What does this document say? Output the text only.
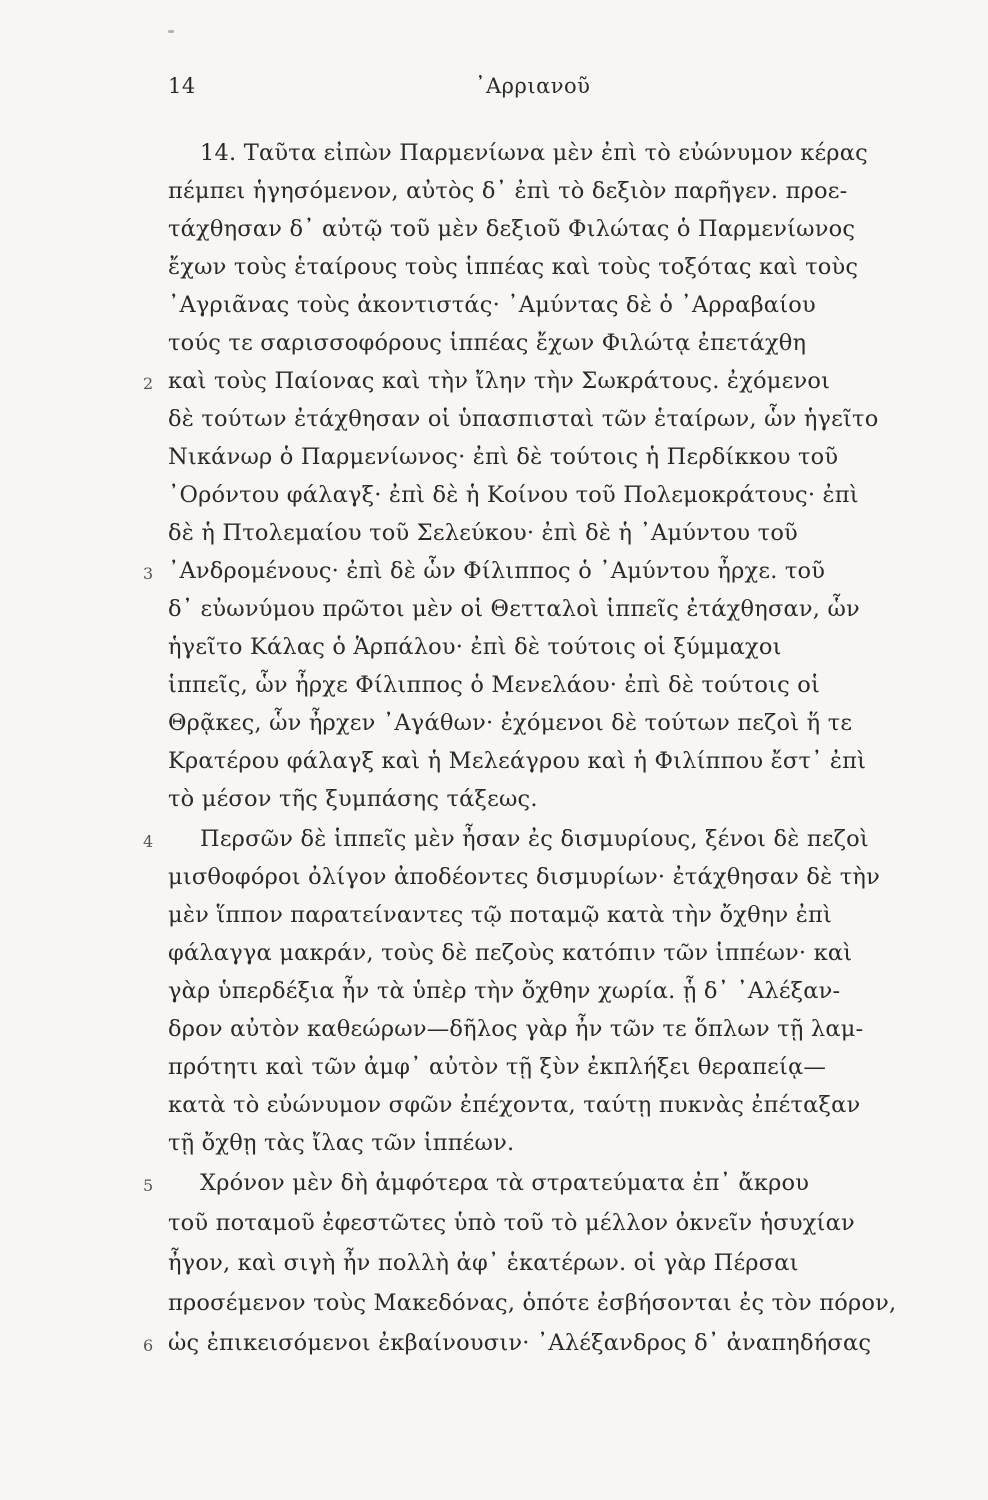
14	᾿Αρριανοῦ
14. Ταῦτα εἰπὼν Παρμενίωνα μὲν ἐπὶ τὸ εὐώνυμον κέρας
πέμπει ἡγησόμενον, αὐτὸς δ᾿ ἐπὶ τὸ δεξιὸν παρῆγεν. προε-
τάχθησαν δ᾿ αὐτῷ τοῦ μὲν δεξιοῦ Φιλώτας ὁ Παρμενίωνος
ἔχων τοὺς ἑταίρους τοὺς ἱππέας καὶ τοὺς τοξότας καὶ τοὺς
᾿Αγριᾶνας τοὺς ἀκοντιστάς· ᾿Αμύντας δὲ ὁ ᾿Αρραβαίου
τούς τε σαρισσοφόρους ἱππέας ἔχων Φιλώτᾳ ἐπετάχθη
2 καὶ τοὺς Παίονας καὶ τὴν ἴλην τὴν Σωκράτους. ἐχόμενοι
δὲ τούτων ἐτάχθησαν οἱ ὑπασπισταὶ τῶν ἑταίρων, ὧν ἡγεῖτο
Νικάνωρ ὁ Παρμενίωνος· ἐπὶ δὲ τούτοις ἡ Περδίκκου τοῦ
᾿Ορόντου φάλαγξ· ἐπὶ δὲ ἡ Κοίνου τοῦ Πολεμοκράτους· ἐπὶ
δὲ ἡ Πτολεμαίου τοῦ Σελεύκου· ἐπὶ δὲ ἡ ᾿Αμύντου τοῦ
3 ᾿Ανδρομένους· ἐπὶ δὲ ὧν Φίλιππος ὁ ᾿Αμύντου ἦρχε. τοῦ
δ᾿ εὐωνύμου πρῶτοι μὲν οἱ Θετταλοὶ ἱππεῖς ἐτάχθησαν, ὧν
ἡγεῖτο Κάλας ὁ Ἁρπάλου· ἐπὶ δὲ τούτοις οἱ ξύμμαχοι
ἱππεῖς, ὧν ἦρχε Φίλιππος ὁ Μενελάου· ἐπὶ δὲ τούτοις οἱ
Θρᾷκες, ὧν ἦρχεν ᾿Αγάθων· ἐχόμενοι δὲ τούτων πεζοὶ ἥ τε
Κρατέρου φάλαγξ καὶ ἡ Μελεάγρου καὶ ἡ Φιλίππου ἔστ᾿ ἐπὶ
τὸ μέσον τῆς ξυμπάσης τάξεως.
4 Περσῶν δὲ ἱππεῖς μὲν ἦσαν ἐς δισμυρίους, ξένοι δὲ πεζοὶ
μισθοφόροι ὀλίγον ἀποδέοντες δισμυρίων· ἐτάχθησαν δὲ τὴν
μὲν ἵππον παρατείναντες τῷ ποταμῷ κατὰ τὴν ὄχθην ἐπὶ
φάλαγγα μακράν, τοὺς δὲ πεζοὺς κατόπιν τῶν ἱππέων· καὶ
γὰρ ὑπερδέξια ἦν τὰ ὑπὲρ τὴν ὄχθην χωρία. ᾗ δ᾿ ᾿Αλέξαν-
δρον αὐτὸν καθεώρων—δῆλος γὰρ ἦν τῶν τε ὅπλων τῇ λαμ-
πρότητι καὶ τῶν ἀμφ᾿ αὐτὸν τῇ ξὺν ἐκπλήξει θεραπείᾳ—
κατὰ τὸ εὐώνυμον σφῶν ἐπέχοντα, ταύτῃ πυκνὰς ἐπέταξαν
τῇ ὄχθῃ τὰς ἴλας τῶν ἱππέων.
5 Χρόνον μὲν δὴ ἀμφότερα τὰ στρατεύματα ἐπ᾿ ἄκρου
τοῦ ποταμοῦ ἐφεστῶτες ὑπὸ τοῦ τὸ μέλλον ὀκνεῖν ἡσυχίαν
ἦγον, καὶ σιγὴ ἦν πολλὴ ἀφ᾿ ἑκατέρων. οἱ γὰρ Πέρσαι
προσέμενον τοὺς Μακεδόνας, ὁπότε ἐσβήσονται ἐς τὸν πόρον,
6 ὡς ἐπικεισόμενοι ἐκβαίνουσιν· ᾿Αλέξανδρος δ᾿ ἀναπηδήσας
